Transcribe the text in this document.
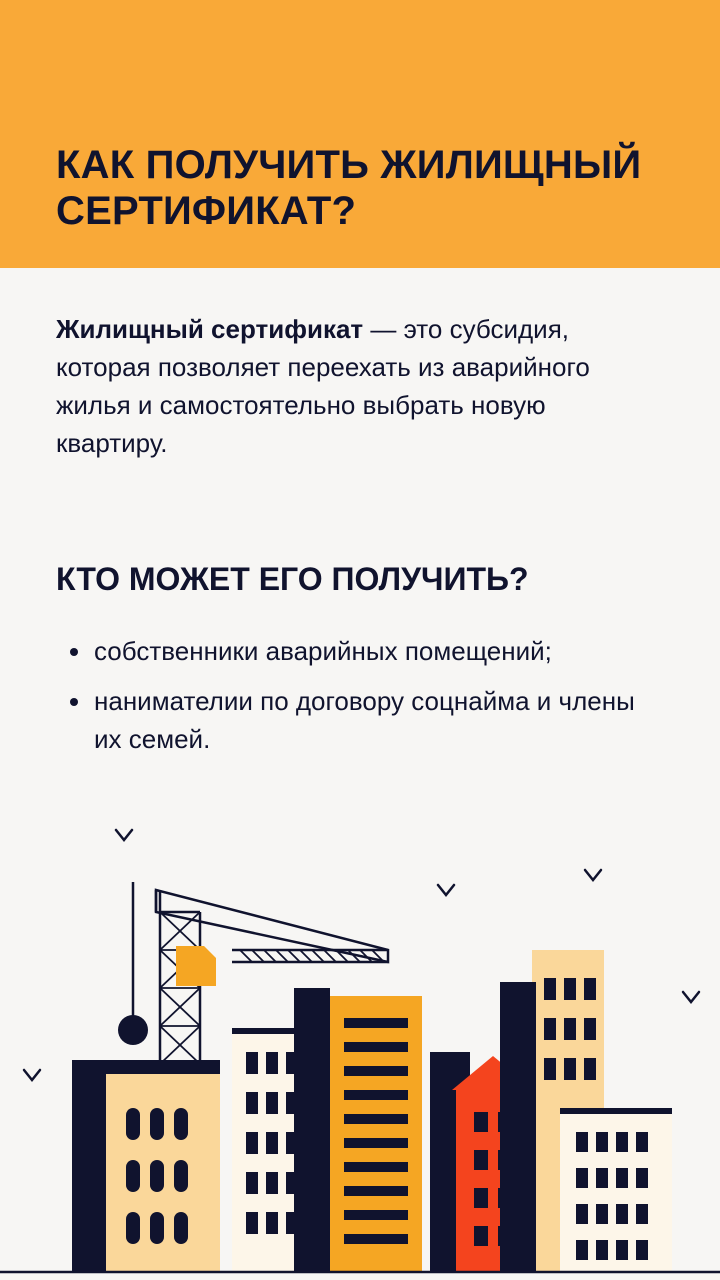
КАК ПОЛУЧИТЬ ЖИЛИЩНЫЙ СЕРТИФИКАТ?

Жилищный сертификат — это субсидия, которая позволяет переехать из аварийного жилья и самостоятельно выбрать новую квартиру.

КТО МОЖЕТ ЕГО ПОЛУЧИТЬ?
собственники аварийных помещений;
нанимателии по договору соцнайма и члены их семей.
